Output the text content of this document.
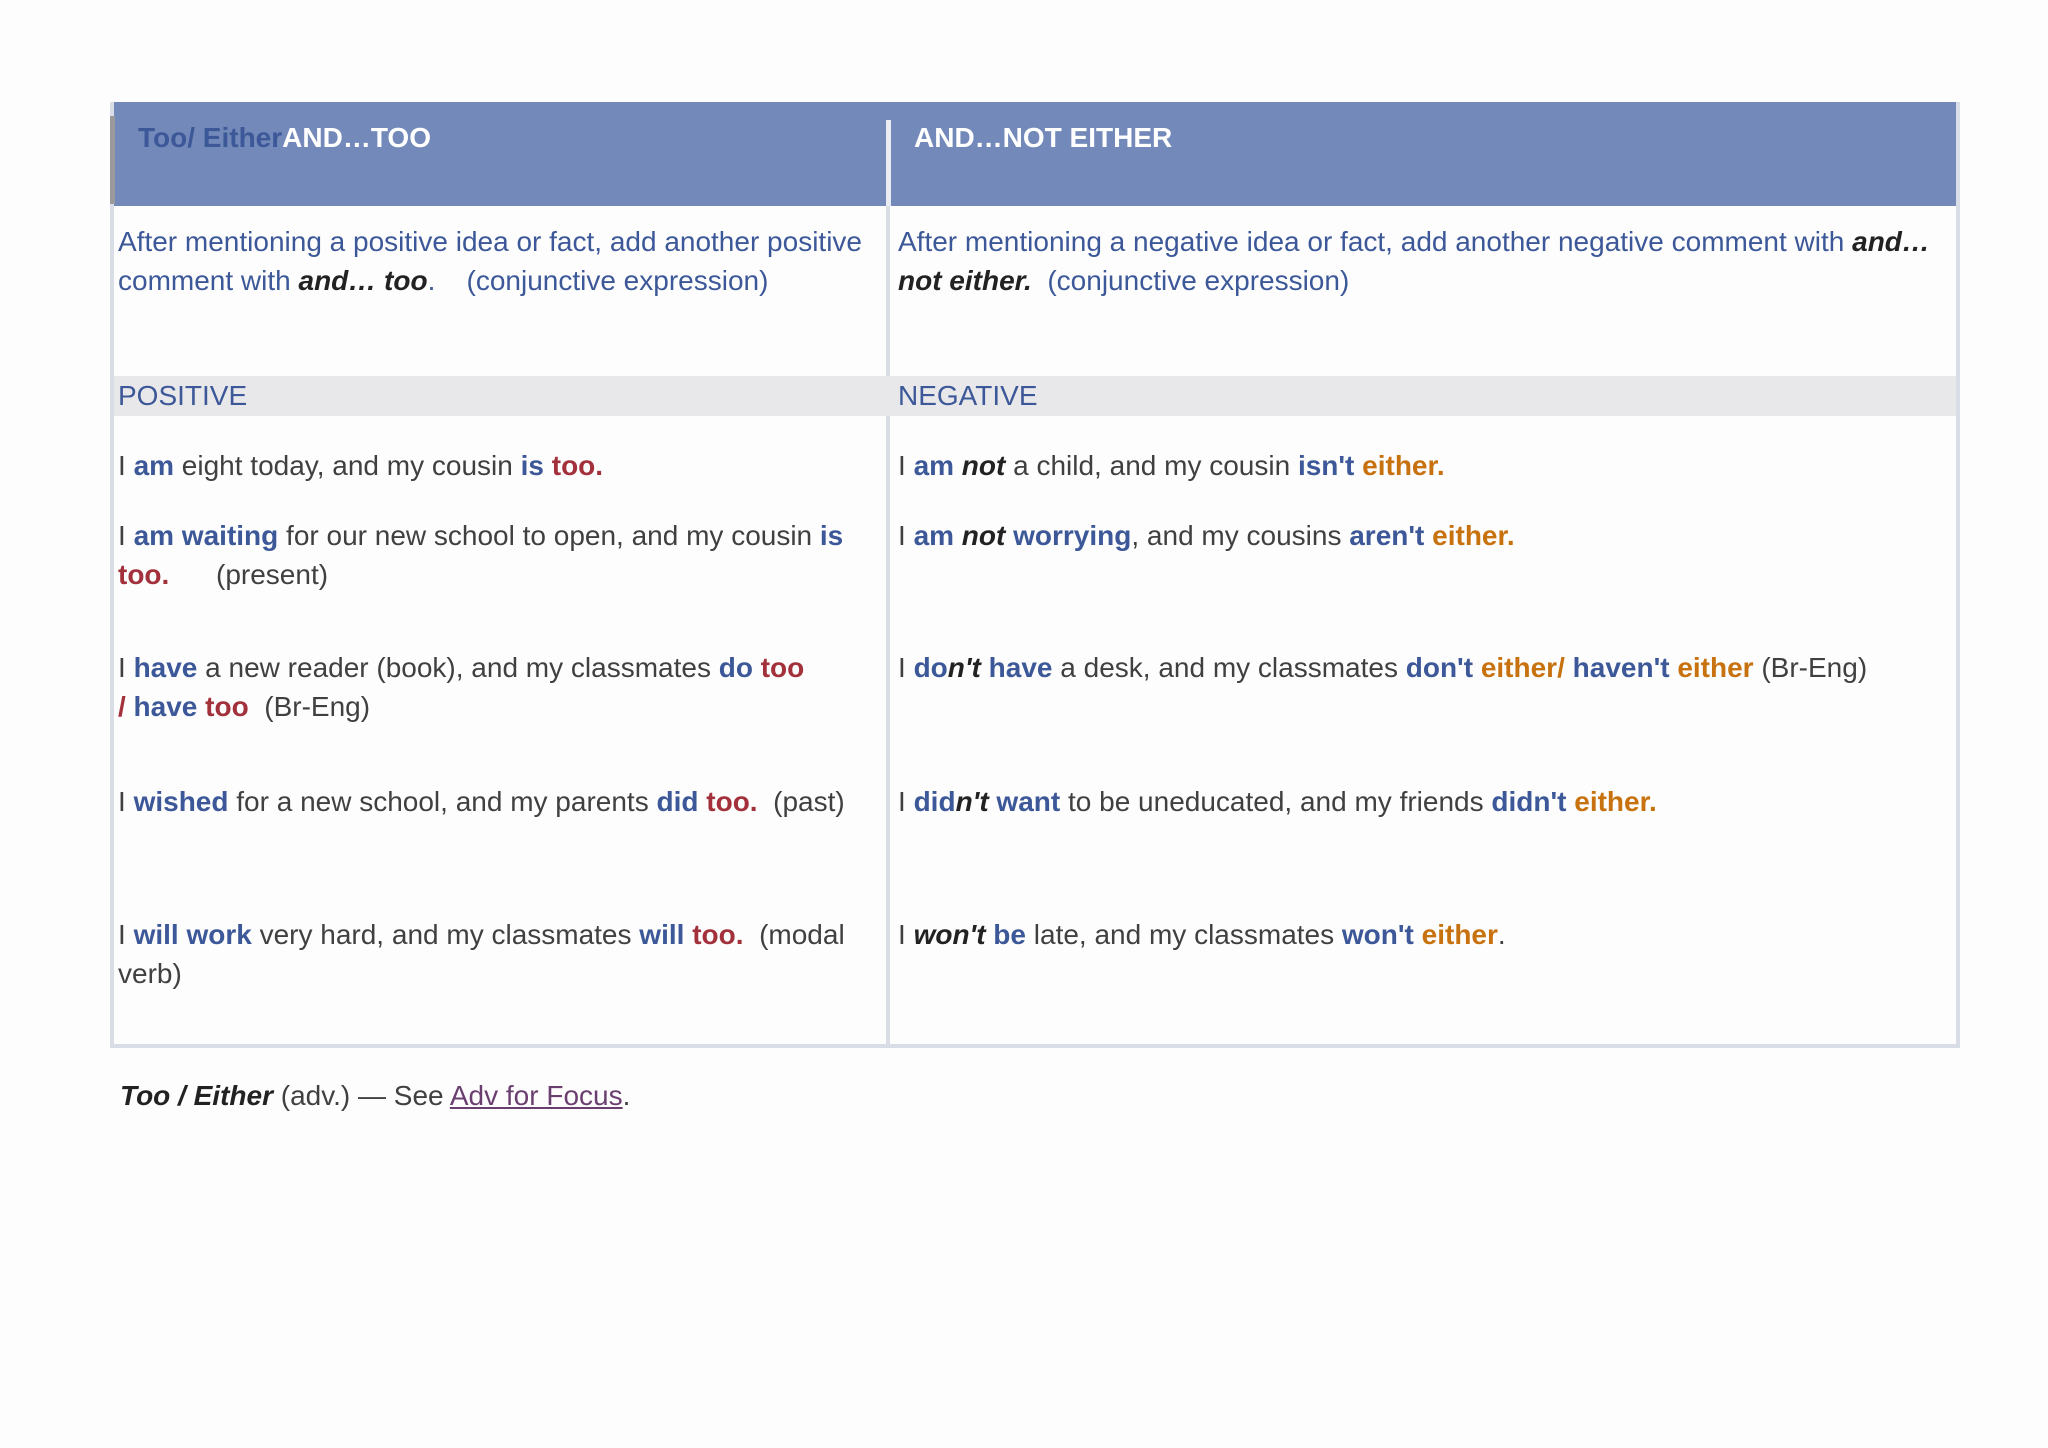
Too/ EitherAND…TOO	AND…NOT EITHER
After mentioning a positive idea or fact, add another positive comment with and… too. (conjunctive expression)
After mentioning a negative idea or fact, add another negative comment with and… not either. (conjunctive expression)
POSITIVE	NEGATIVE
I am eight today, and my cousin is too.
I am waiting for our new school to open, and my cousin is too. (present)
I have a new reader (book), and my classmates do too
/ have too (Br-Eng)
I wished for a new school, and my parents did too. (past)
I will work very hard, and my classmates will too. (modal verb)
I am not a child, and my cousin isn't either.
I am not worrying, and my cousins aren't either.
I don't have a desk, and my classmates don't either/ haven't either (Br-Eng)
I didn't want to be uneducated, and my friends didn't either.
I won't be late, and my classmates won't either.
Too / Either (adv.) — See Adv for Focus.
